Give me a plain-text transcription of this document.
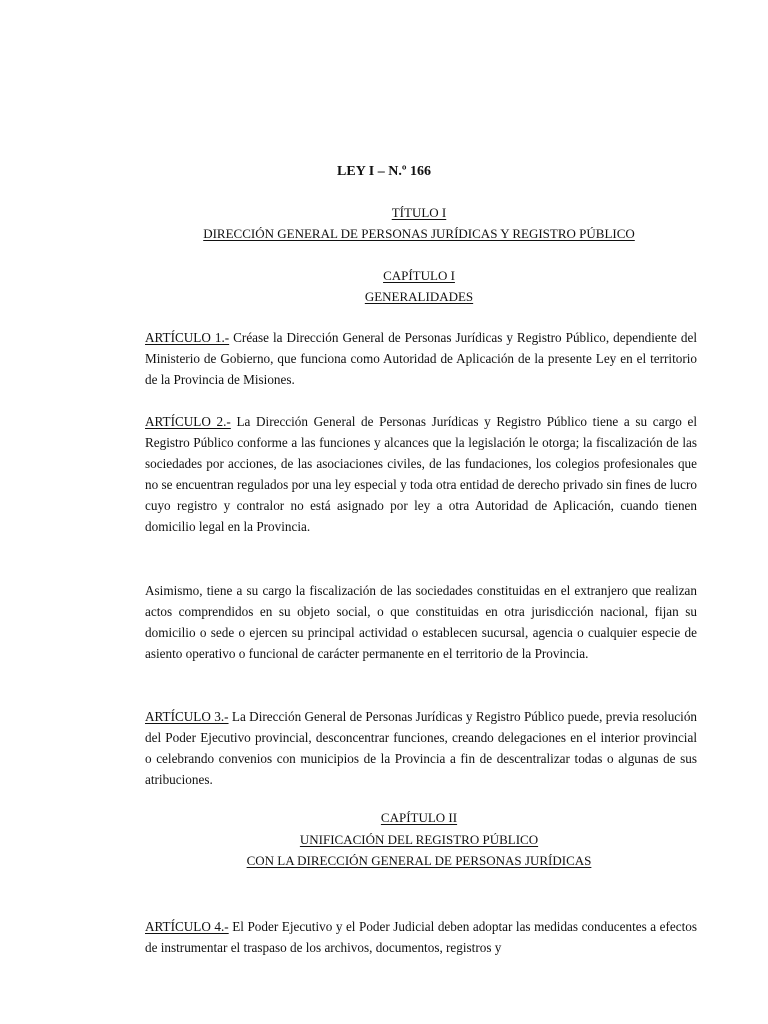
LEY I – N.º 166

TÍTULO I

DIRECCIÓN GENERAL DE PERSONAS JURÍDICAS Y REGISTRO PÚBLICO

CAPÍTULO I

GENERALIDADES

ARTÍCULO 1.- Créase la Dirección General de Personas Jurídicas y Registro Público, dependiente del Ministerio de Gobierno, que funciona como Autoridad de Aplicación de la presente Ley en el territorio de la Provincia de Misiones.

ARTÍCULO 2.- La Dirección General de Personas Jurídicas y Registro Público tiene a su cargo el Registro Público conforme a las funciones y alcances que la legislación le otorga; la fiscalización de las sociedades por acciones, de las asociaciones civiles, de las fundaciones, los colegios profesionales que no se encuentran regulados por una ley especial y toda otra entidad de derecho privado sin fines de lucro cuyo registro y contralor no está asignado por ley a otra Autoridad de Aplicación, cuando tienen domicilio legal en la Provincia.

Asimismo, tiene a su cargo la fiscalización de las sociedades constituidas en el extranjero que realizan actos comprendidos en su objeto social, o que constituidas en otra jurisdicción nacional, fijan su domicilio o sede o ejercen su principal actividad o establecen sucursal, agencia o cualquier especie de asiento operativo o funcional de carácter permanente en el territorio de la Provincia.

ARTÍCULO 3.- La Dirección General de Personas Jurídicas y Registro Público puede, previa resolución del Poder Ejecutivo provincial, desconcentrar funciones, creando delegaciones en el interior provincial o celebrando convenios con municipios de la Provincia a fin de descentralizar todas o algunas de sus atribuciones.

CAPÍTULO II

UNIFICACIÓN DEL REGISTRO PÚBLICO

CON LA DIRECCIÓN GENERAL DE PERSONAS JURÍDICAS

ARTÍCULO 4.- El Poder Ejecutivo y el Poder Judicial deben adoptar las medidas conducentes a efectos de instrumentar el traspaso de los archivos, documentos, registros y
